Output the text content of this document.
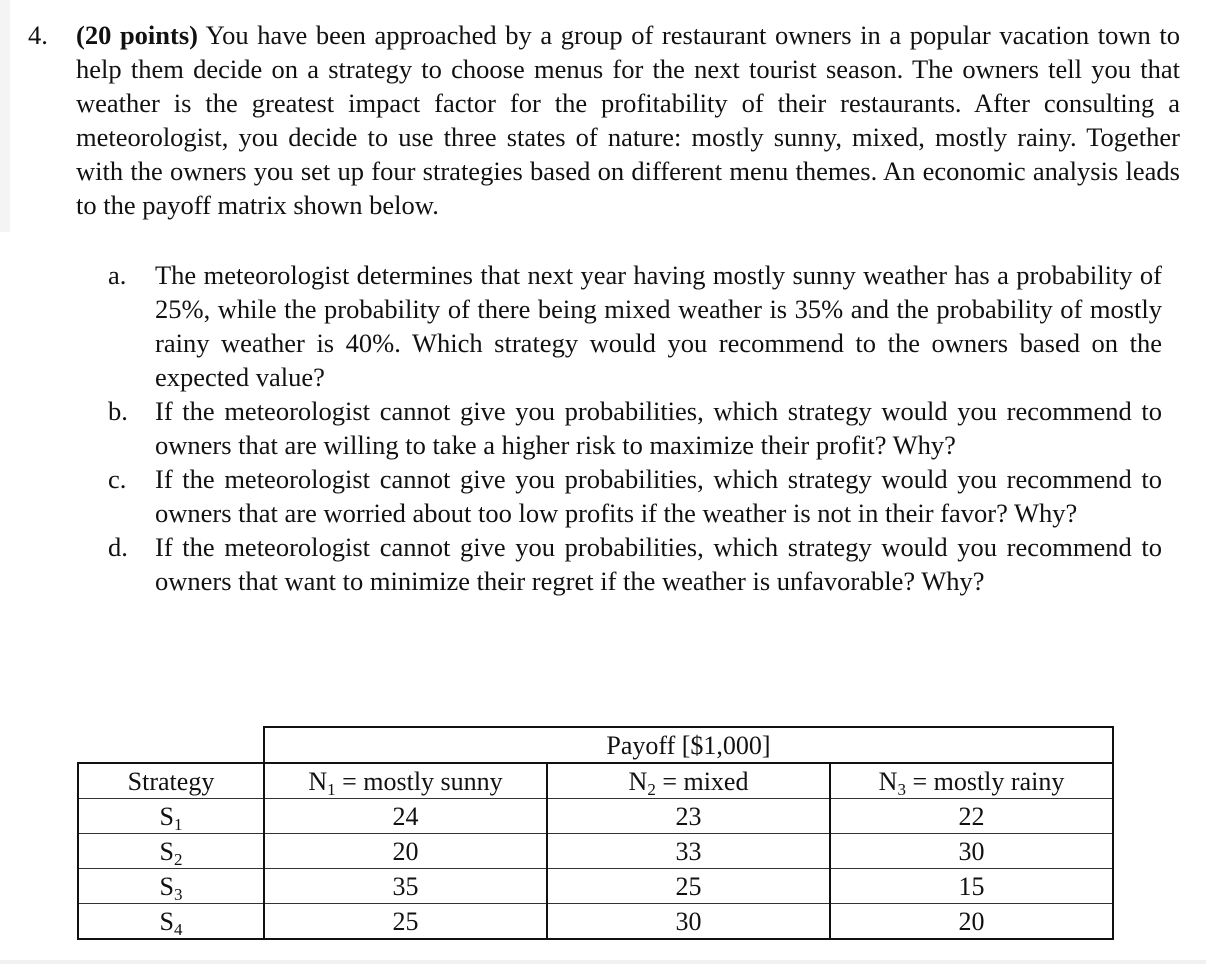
4. (20 points) You have been approached by a group of restaurant owners in a popular vacation town to help them decide on a strategy to choose menus for the next tourist season. The owners tell you that weather is the greatest impact factor for the profitability of their restaurants. After consulting a meteorologist, you decide to use three states of nature: mostly sunny, mixed, mostly rainy. Together with the owners you set up four strategies based on different menu themes. An economic analysis leads to the payoff matrix shown below.
a. The meteorologist determines that next year having mostly sunny weather has a probability of 25%, while the probability of there being mixed weather is 35% and the probability of mostly rainy weather is 40%. Which strategy would you recommend to the owners based on the expected value?
b. If the meteorologist cannot give you probabilities, which strategy would you recommend to owners that are willing to take a higher risk to maximize their profit? Why?
c. If the meteorologist cannot give you probabilities, which strategy would you recommend to owners that are worried about too low profits if the weather is not in their favor? Why?
d. If the meteorologist cannot give you probabilities, which strategy would you recommend to owners that want to minimize their regret if the weather is unfavorable? Why?
	Payoff [$1,000]		
Strategy	$N_1$ = mostly sunny	$N_2$ = mixed	$N_3$ = mostly rainy
$S_1$	24	23	22
$S_2$	20	33	30
$S_3$	35	25	15
$S_4$	25	30	20
